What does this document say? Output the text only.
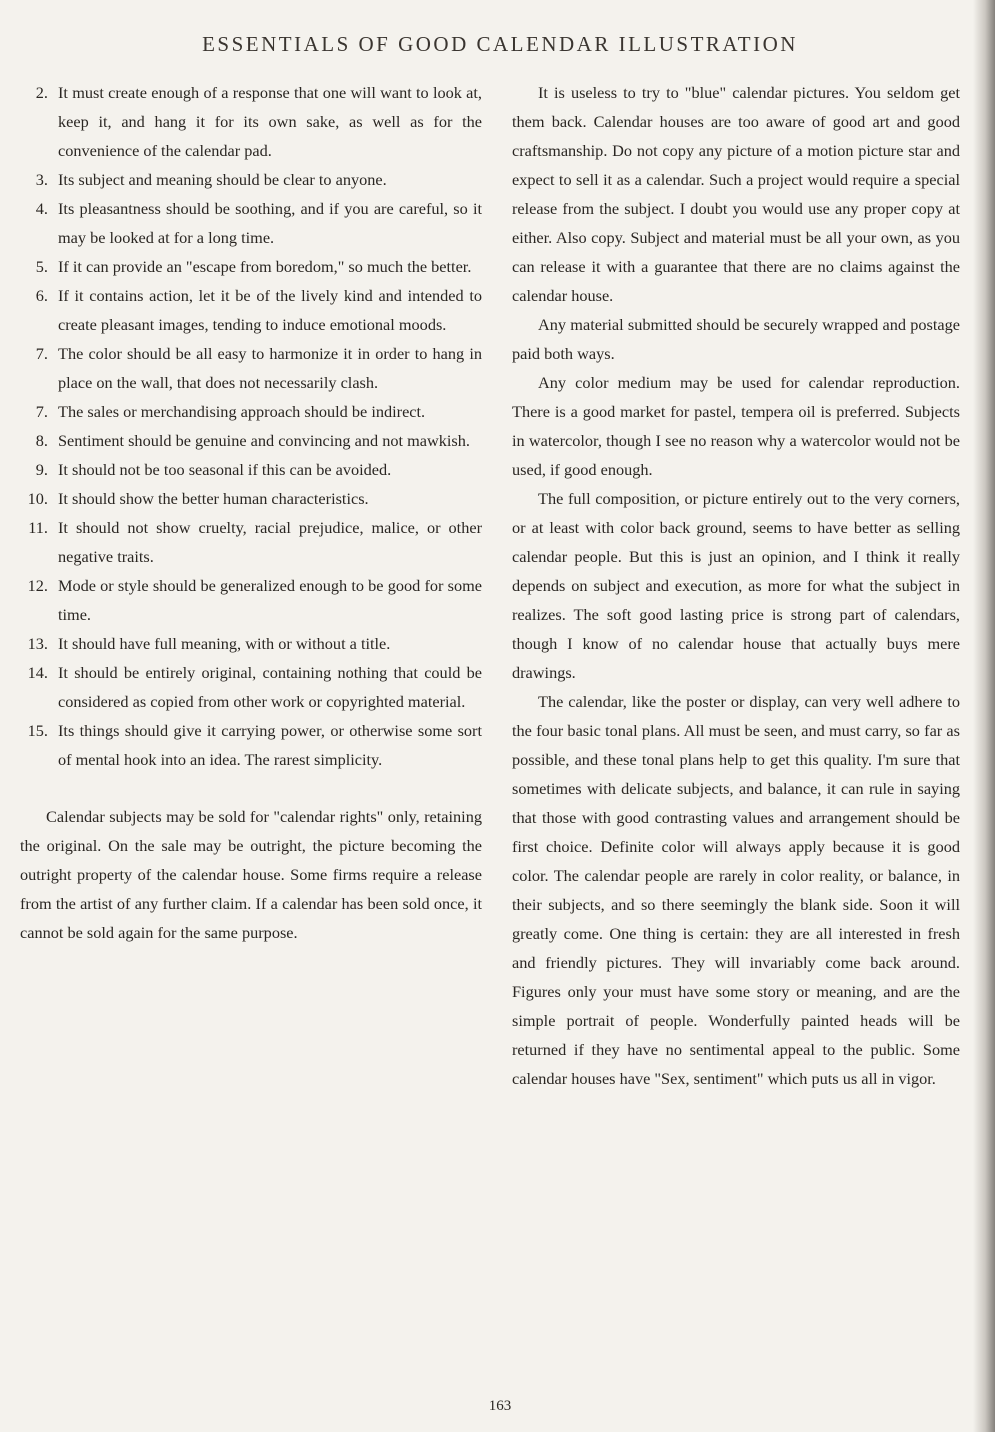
ESSENTIALS OF GOOD CALENDAR ILLUSTRATION
2. It must create enough of a response that one will want to look at, keep it, and hang it for its own sake, as well as for the convenience of the calendar pad.
3. Its subject and meaning should be clear to anyone.
4. Its pleasantness should be soothing, and if you are careful, so it may be looked at for a long time.
5. If it can provide an "escape from boredom," so much the better.
6. If it contains action, let it be of the lively kind and intended to create pleasant images, tending to induce emotional moods.
7. The color should be all easy to harmonize it in order to hang in place on the wall, that does not necessarily clash.
7. The sales or merchandising approach should be indirect.
8. Sentiment should be genuine and convincing and not mawkish.
9. It should not be too seasonal if this can be avoided.
10. It should show the better human characteristics.
11. It should not show cruelty, racial prejudice, malice, or other negative traits.
12. Mode or style should be generalized enough to be good for some time.
13. It should have full meaning, with or without a title.
14. It should be entirely original, containing nothing that could be considered as copied from other work or copyrighted material.
15. Its things should give it carrying power, or otherwise some sort of mental hook into an idea. The rarest simplicity.

Calendar subjects may be sold for "calendar rights" only, retaining the original. On the sale may be outright, the picture becoming the outright property of the calendar house. Some firms require a release from the artist of any further claim. If a calendar has been sold once, it cannot be sold again for the same purpose.

It is useless to try to "blue" calendar pictures. You seldom get them back. Calendar houses are too aware of good art and good craftsmanship. Do not copy any picture of a motion picture star and expect to sell it as a calendar. Such a project would require a special release from the subject. I doubt you would use any proper copy at either. Also copy. Subject and material must be all your own, as you can release it with a guarantee that there are no claims against the calendar house.

Any material submitted should be securely wrapped and postage paid both ways.

Any color medium may be used for calendar reproduction. There is a good market for pastel, tempera oil is preferred. Subjects in watercolor, though I see no reason why a watercolor would not be used, if good enough.

The full composition, or picture entirely out to the very corners, or at least with color back ground, seems to have better as selling calendar people. But this is just an opinion, and I think it really depends on subject and execution, as more for what the subject in realizes. The soft good lasting price is strong part of calendars, though I know of no calendar house that actually buys mere drawings.

The calendar, like the poster or display, can very well adhere to the four basic tonal plans. All must be seen, and must carry, so far as possible, and these tonal plans help to get this quality. I'm sure that sometimes with delicate subjects, and balance, it can rule in saying that those with good contrasting values and arrangement should be first choice. Definite color will always apply because it is good color. The calendar people are rarely in color reality, or balance, in their subjects, and so there seemingly the blank side. Soon it will greatly come. One thing is certain: they are all interested in fresh and friendly pictures. They will invariably come back around. Figures only your must have some story or meaning, and are the simple portrait of people. Wonderfully painted heads will be returned if they have no sentimental appeal to the public. Some calendar houses have "Sex, sentiment" which puts us all in vigor.

163
